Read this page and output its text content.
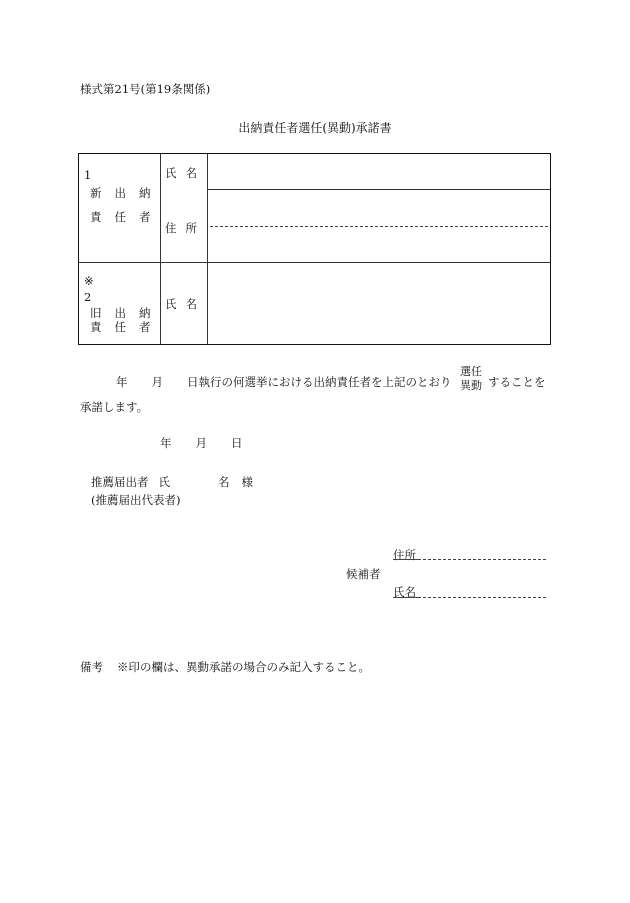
様式第21号(第19条関係)
出納責任者選任(異動)承諾書
1
新出納
責任者
氏名
住所
※
2
旧出納
責任者
氏名
年 月 日執行の何選挙における出納責任者を上記のとおり
選任
異動 することを
承諾します。
年 月 日
推薦届出者 氏	名 様
(推薦届出代表者)
住所
候補者
氏名
備考 ※印の欄は、異動承諾の場合のみ記入すること。
